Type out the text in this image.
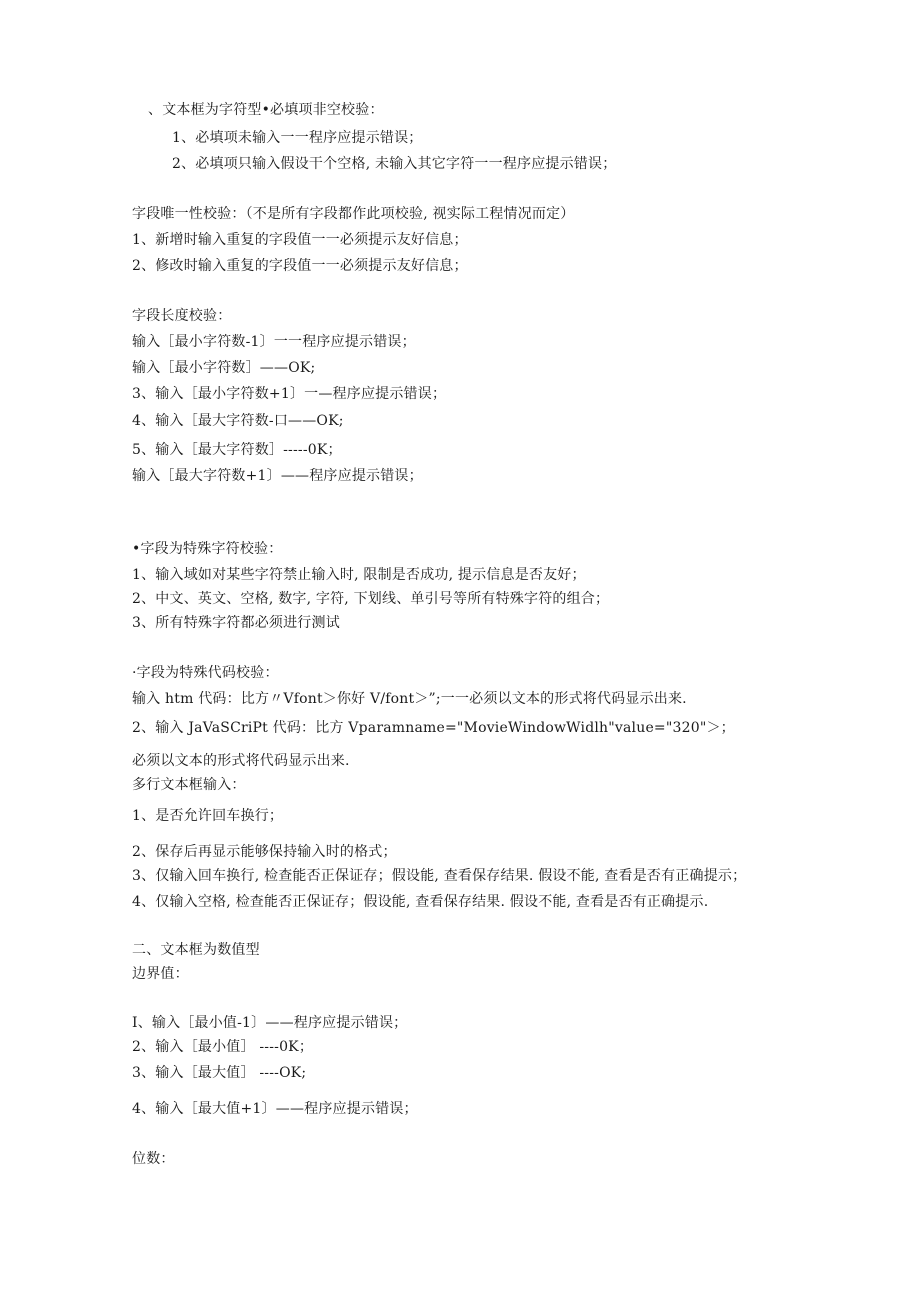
、文本框为字符型•必填项非空校验：
1、必填项未输入一一程序应提示错误；
2、必填项只输入假设干个空格, 未输入其它字符一一程序应提示错误；
字段唯一性校验：（不是所有字段都作此项校验, 视实际工程情况而定）
1、新增时输入重复的字段值一一必须提示友好信息；
2、修改时输入重复的字段值一一必须提示友好信息；
字段长度校验：
输入［最小字符数-1〕一一程序应提示错误；
输入［最小字符数］——OK;
3、输入［最小字符数+1〕一—程序应提示错误；
4、输入［最大字符数-口——OK;
5、输入［最大字符数］-----0K；
输入［最大字符数+1〕——程序应提示错误；
•字段为特殊字符校验：
1、输入域如对某些字符禁止输入时, 限制是否成功, 提示信息是否友好；
2、中文、英文、空格, 数字, 字符, 下划线、单引号等所有特殊字符的组合；
3、所有特殊字符都必须进行测试
·字段为特殊代码校验：
输入 htm 代码：比方〃Vfont＞你好 V/font＞”;一一必须以文本的形式将代码显示出来.
2、输入 JaVaSCriPt 代码：比方 Vparamname="MovieWindowWidlh"value="320"＞；
必须以文本的形式将代码显示出来.
多行文本框输入：
1、是否允许回车换行；
2、保存后再显示能够保持输入时的格式；
3、仅输入回车换行, 检查能否正保证存；假设能, 查看保存结果. 假设不能, 查看是否有正确提示；
4、仅输入空格, 检查能否正保证存；假设能, 查看保存结果. 假设不能, 查看是否有正确提示.
二、文本框为数值型
边界值：
I、输入［最小值-1〕——程序应提示错误；
2、输入［最小值］ ----0K；
3、输入［最大值］ ----OK;
4、输入［最大值+1〕——程序应提示错误；
位数：
